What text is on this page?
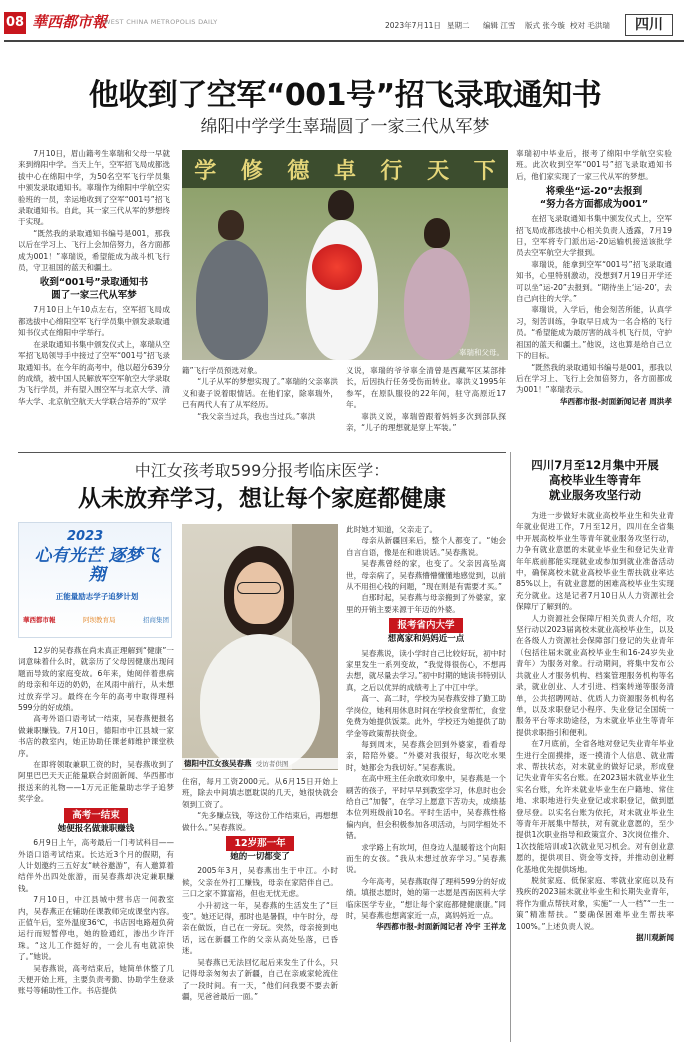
08 華西都市報
WEST CHINA METROPOLIS DAILY	2023年7月11日 星期二 编辑 江雪 版式 张今璇 校对 毛洪瑞	四川
他收到了空军“001号”招飞录取通知书
绵阳中学学生辜瑞圆了一家三代从军梦

7月10日，眉山籍考生辜瑞和父母一早就来到绵阳中学。当天上午，空军招飞局成都选拔中心在绵阳中学，为50名空军飞行学员集中颁发录取通知书。辜瑞作为绵阳中学航空实验班的一员，幸运地收到了空军“001号”招飞录取通知书。自此，其一家三代从军的梦想终于实现。

“既然我的录取通知书编号是001，那我以后在学习上、飞行上会加倍努力，各方面都成为001！”辜瑞说，希望能成为战斗机飞行员，守卫祖国的蓝天和疆土。

收到“001号”录取通知书
圆了一家三代从军梦

7月10日上午10点左右，空军招飞局成都选拔中心绵阳空军飞行学员集中颁发录取通知书仪式在绵阳中学举行。

在录取通知书集中颁发仪式上，辜瑞从空军招飞局领导手中接过了空军“001号”招飞录取通知书。在今年的高考中，他以超分639分的成绩，被中国人民解放军空军航空大学录取为飞行学员，并有望入围空军与北京大学、清华大学、北京航空航天大学联合培养的“双学

学 修 德 卓 行 天 下
辜瑞和父母。

籍”飞行学员预选对象。

“儿子从军的梦想实现了。”辜瑞的父亲辜洪义和妻子说着眼情话。在他们家，除辜瑞外，已有两代人有了从军经历。

“我父亲当过兵，我也当过兵。”辜洪

义说，辜瑞的爷爷辜全清曾是西藏军区某部排长，后因执行任务受伤而转业。辜洪义1995年参军，在原队服役的22年间，驻守高原近17年。

辜洪义说，辜瑞曾跟着妈妈多次到部队探亲，“儿子的理想就是穿上军装。”

辜瑞初中毕业后，报考了绵阳中学航空实验班。此次收到空军“001号”招飞录取通知书后，他们家实现了一家三代从军的梦想。

将乘坐“运-20”去报到
“努力各方面都成为001”

在招飞录取通知书集中颁发仪式上，空军招飞局成都选拔中心相关负责人透露，7月19日，空军将专门派出运-20运输机接送该批学员去空军航空大学报到。

辜瑞说，能拿到空军“001号”招飞录取通知书，心里特别激动，没想到7月19日开学还可以坐“运-20”去报到。“期待坐上‘运-20’，去自己向往的大学。”

辜瑞说，入学后，他会刻苦所能，认真学习，刻苦训练，争取早日成为一名合格的飞行员。“希望能成为最厉害的战斗机飞行员，守护祖国的蓝天和疆土。”他说，这也算是给自己立下的目标。

“既然我的录取通知书编号是001，那我以后在学习上、飞行上会加倍努力，各方面都成为001！”辜瑞表示。

华西都市报-封面新闻记者 周洪孝
中江女孩考取599分报考临床医学：
从未放弃学习，想让每个家庭都健康
2023
心有光芒 逐梦飞翔
正能量励志学子追梦计划
華西都市報	阿坝教育局	招商集团

12岁的吴春燕在尚未真正理解到“健康”一词意味着什么时，就亲历了父母因健康出现问题而导致的家庭变故。6年来，她阅伴着患病的母亲和年迈的奶奶，在风雨中前行，从未想过放弃学习。最终在今年的高考中取得理科599分的好成绩。

高考外语口语考试一结束，吴春燕便报名做兼职赚钱。7月10日，德阳市中江县城一家书店的教室内，她正协助任课老师维护课堂秩序。

在即将领取兼职工资的时，吴春燕收到了阿里巴巴天天正能量联合封面新闻、华西都市报送来的礼物——1万元正能量助志学子追梦奖学金。

高考一结束
她便报名做兼职赚钱

6月9日上午，高考最后一门考试科目——外语口语考试结束。长达近3个月的假期，有人计划邀约三五好友“峡谷邀游”，有人邀算着结伴外出四处旅游，而吴春燕却决定兼职赚钱。

7月10日，中江县城中营书店一间教室内，吴春燕正在辅助任课教师完成课堂内容。正值午后，室外温度36℃，书店因电路超负荷运行而短暂停电，她的脸通红，渗出少许汗珠。“这儿工作挺好的，一会儿有电就凉快了。”她说。

吴春燕说，高考结束后，她简单休整了几天便开始上班，主要负责考勤、协助学生登录账号等辅助性工作。书店提供

德阳中江女孩吴春燕 受访者供图

住宿，每月工资2000元。从6月15日开始上班，除去中间填志愿耽误的几天，她很快就会领到工资了。

“先多赚点钱，等这份工作结束后，再想想做什么。”吴春燕说。

12岁那一年
她的一切都变了

2005年3月，吴春燕出生于中江。小时候，父亲在外打工赚钱，母亲在家陪伴自己。三口之家不算富裕，但也无忧无虑。

小升初这一年，吴春燕的生活发生了“巨变”。她还记得，那时也是暑假，中午时分，母亲在做饭，自己在一旁玩。突然，母亲接到电话，远在新疆工作的父亲从高处坠落，已昏迷。

吴春燕已无法回忆起后来发生了什么，只记得母亲匆匆去了新疆，自己在亲戚家轮流住了一段时间。有一天，“他们问我要不要去新疆，见爸爸最后一面。”

此时她才知道，父亲走了。

母亲从新疆回来后，整个人都变了。“她会自言自语，像是在和谁说话。”吴春燕说。

吴春燕曾经的家，也变了。父亲因高坠离世，母亲病了，吴春燕懵懵懂懂地感觉到，以前从不用担心钱的问题，“现在则是有需要才买。”

自那时起，吴春燕与母亲搬到了外婆家，家里的开销主要来源于年迈的外婆。

报考省内大学
想离家和妈妈近一点

吴春燕说，读小学时自己比较好玩，初中时家里发生一系列变故，“我觉得很伤心，不想再去想，就尽量去学习。”初中时期的她读书特别认真，之后以优异的成绩考上了中江中学。

高一、高二时，学校为吴春燕安排了勤工助学岗位，她利用休息时间在学校食堂帮忙，食堂免费为她提供饭菜。此外，学校还为她提供了助学金等政策帮扶资金。

每到周末，吴春燕会回到外婆家，看看母亲，陪陪外婆。“外婆对我很好，每次吃水果时，她都会为我切好。”吴春燕说。

在高中班主任佘敢欢印象中，吴春燕是一个刷苦的孩子，平时早早到教室学习，休息时也会给自己“加餐”，在学习上愿意下苦功夫，成绩基本位列班级前10名。平时生活中，吴春燕性格偏内向，但会积极参加各项活动，与同学相处不错。

求学路上有坎坷，但身边人温暖着这个向阳而生的女孩。“我从未想过放弃学习。”吴春燕说。

今年高考，吴春燕取得了理科599分的好成绩。填报志愿时，她的第一志愿是西南医科大学临床医学专业，“想让每个家庭都健健康康。”同时，吴春燕也想离家近一点，离妈妈近一点。

华西都市报-封面新闻记者 冷宇 王祥龙
四川7月至12月集中开展
高校毕业生等青年
就业服务攻坚行动

为进一步做好未就业高校毕业生和失业青年就业促进工作，7月至12月，四川在全省集中开展高校毕业生等青年就业服务攻坚行动，力争有就业意愿的未就业毕业生和登记失业青年年底前都能实现就业或参加到就业准备活动中，确保离校未就业高校毕业生帮扶就业率达85%以上，有就业意愿的困难高校毕业生实现充分就业。这是记者7月10日从人力资源社会保障厅了解到的。

人力资源社会保障厅相关负责人介绍，攻坚行动以2023届离校未就业高校毕业生，以及在各级人力资源社会保障部门登记的失业青年（包括往届未就业高校毕业生和16-24岁失业青年）为服务对象。行动期间，将集中发布公共就业人才服务机构、档案管理服务机构等名录，就业创业、人才引进、档案转递等服务清单，公共招聘网站、优质人力资源服务机构名单，以及求职登记小程序、失业登记全国统一服务平台等求助途径，为未就业毕业生等青年提供求职指引和便利。

在7月底前，全省各地对登记失业青年毕业生进行全面摸排，逐一摸清个人信息、就业需求、帮扶状态，对未就业的做好记录，形成登记失业青年实名台账。在2023届未就业毕业生实名台账，允许未就业毕业生在户籍地、常住地、求职地进行失业登记或求职登记，做到愿登尽登。以实名台账为依托，对未就业毕业生等青年开展集中帮扶，对有就业意愿的，至少提供1次职业指导和政策宣介、3次岗位推介、1次技能培训或1次就业见习机会。对有创业意愿的，提供项目、资金等支持，并推动创业孵化基地优先提供场地。

脱贫家庭、低保家庭、零就业家庭以及有残疾的2023届未就业毕业生和长期失业青年，将作为重点帮扶对象，实施“一人一档”“一生一策”精准帮扶。“要确保困难毕业生帮扶率100%。”上述负责人说。

据川观新闻
